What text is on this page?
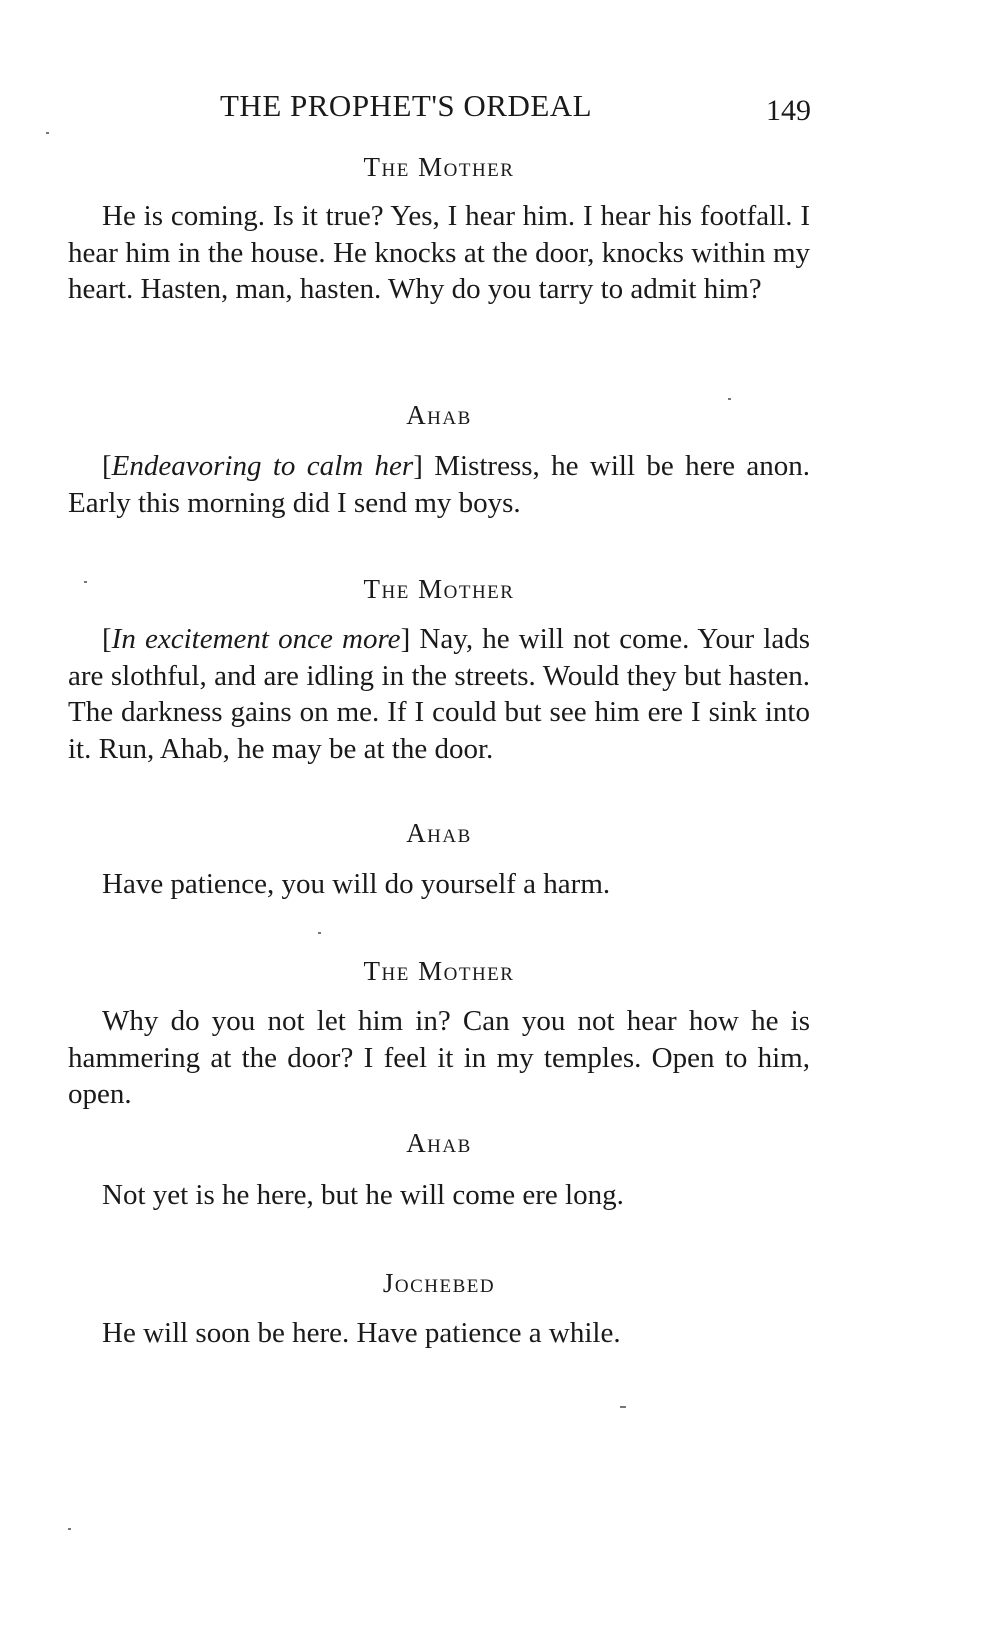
THE PROPHET'S ORDEAL	149
The Mother
He is coming. Is it true? Yes, I hear him. I hear his footfall. I hear him in the house. He knocks at the door, knocks within my heart. Hasten, man, hasten. Why do you tarry to admit him?
Ahab
[Endeavoring to calm her] Mistress, he will be here anon. Early this morning did I send my boys.
The Mother
[In excitement once more] Nay, he will not come. Your lads are slothful, and are idling in the streets. Would they but hasten. The darkness gains on me. If I could but see him ere I sink into it. Run, Ahab, he may be at the door.
Ahab
Have patience, you will do yourself a harm.
The Mother
Why do you not let him in? Can you not hear how he is hammering at the door? I feel it in my temples. Open to him, open.
Ahab
Not yet is he here, but he will come ere long.
Jochebed
He will soon be here. Have patience a while.
